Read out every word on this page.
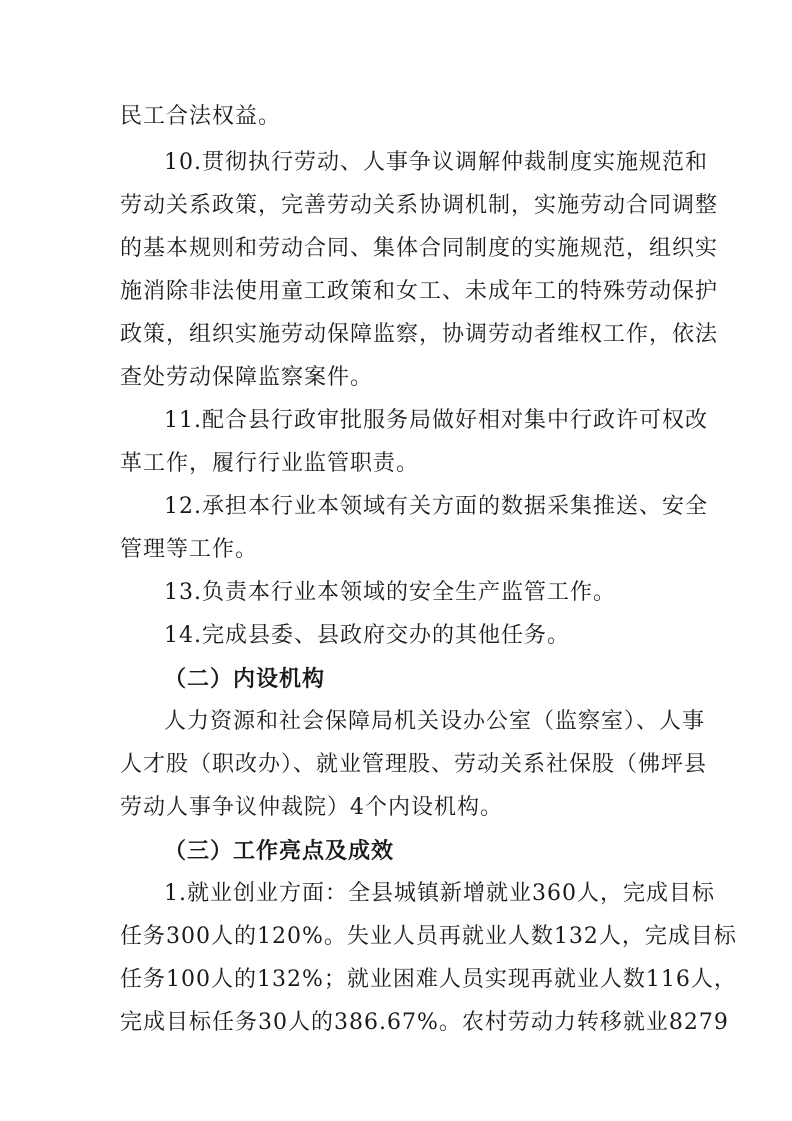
民工合法权益。
10.贯彻执行劳动、人事争议调解仲裁制度实施规范和
劳动关系政策，完善劳动关系协调机制，实施劳动合同调整
的基本规则和劳动合同、集体合同制度的实施规范，组织实
施消除非法使用童工政策和女工、未成年工的特殊劳动保护
政策，组织实施劳动保障监察，协调劳动者维权工作，依法
查处劳动保障监察案件。
11.配合县行政审批服务局做好相对集中行政许可权改
革工作，履行行业监管职责。
12.承担本行业本领域有关方面的数据采集推送、安全
管理等工作。
13.负责本行业本领域的安全生产监管工作。
14.完成县委、县政府交办的其他任务。
（二）内设机构
人力资源和社会保障局机关设办公室（监察室）、人事
人才股（职改办）、就业管理股、劳动关系社保股（佛坪县
劳动人事争议仲裁院）4个内设机构。
（三）工作亮点及成效
1.就业创业方面：全县城镇新增就业360人，完成目标
任务300人的120%。失业人员再就业人数132人，完成目标
任务100人的132%；就业困难人员实现再就业人数116人，
完成目标任务30人的386.67%。农村劳动力转移就业8279
